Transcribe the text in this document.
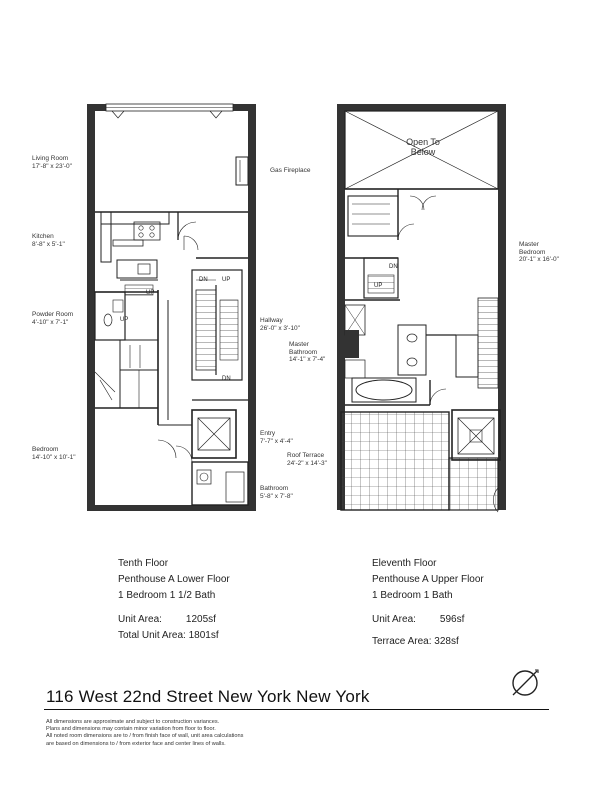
Living Room
17'-8" x 23'-0"
Gas Fireplace
Kitchen
8'-8" x 5'-1"
Powder Room
4'-10" x 7'-1"	Hallway
26'-0" x 3'-10"
Entry
7'-7" x 4'-4"
Bedroom
14'-10" x 10'-1"
Bathroom
5'-8" x 7'-8"
DN UP
UP
DN
UP
Open To
Below
Master Bedroom
20'-1" x 16'-0"
Master Bathroom
14'-1" x 7'-4"
Roof Terrace
24'-2" x 14'-3"
DN
UP
Tenth Floor
Penthouse A Lower Floor
1 Bedroom 1 1/2 Bath
Unit Area: 1205sf
Total Unit Area: 1801sf
Eleventh Floor
Penthouse A Upper Floor
1 Bedroom 1 Bath
Unit Area: 596sf
Terrace Area: 328sf
116 West 22nd Street New York New York
All dimensions are approximate and subject to construction variances.
Plans and dimensions may contain minor variation from floor to floor.
All noted room dimensions are to / from finish face of wall, unit area calculations
are based on dimensions to / from exterior face and center lines of walls.
